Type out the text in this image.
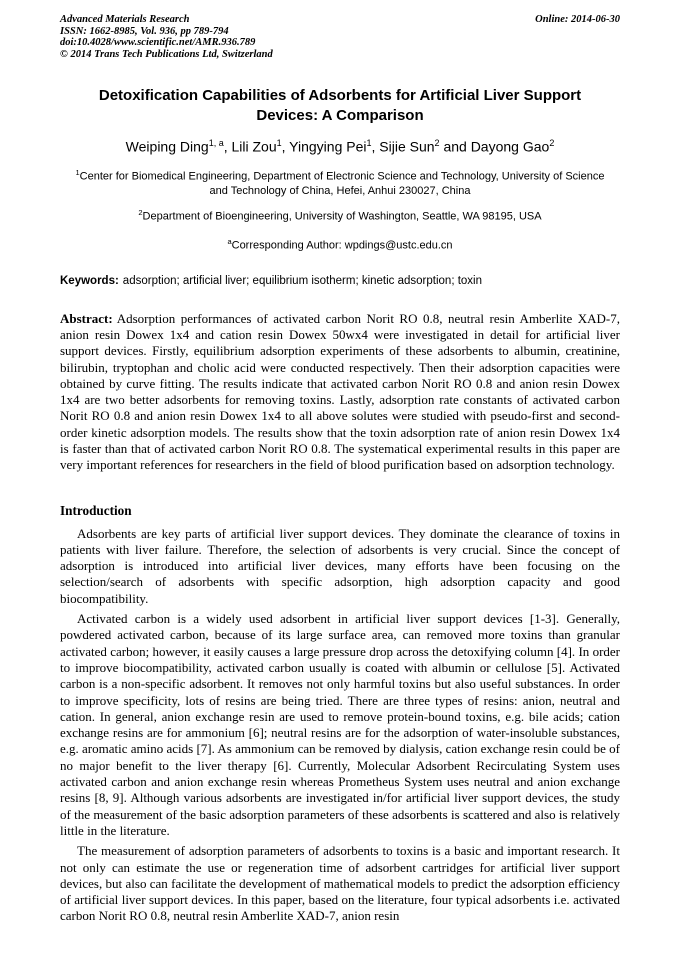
Advanced Materials Research	Online: 2014-06-30
ISSN: 1662-8985, Vol. 936, pp 789-794
doi:10.4028/www.scientific.net/AMR.936.789
© 2014 Trans Tech Publications Ltd, Switzerland
Detoxification Capabilities of Adsorbents for Artificial Liver Support
Devices: A Comparison
Weiping Ding$^{1, a}$, Lili Zou$^1$, Yingying Pei$^1$, Sijie Sun$^2$ and Dayong Gao$^2$
$^1$Center for Biomedical Engineering, Department of Electronic Science and Technology, University of Science and Technology of China, Hefei, Anhui 230027, China
$^2$Department of Bioengineering, University of Washington, Seattle, WA 98195, USA
$^a$Corresponding Author: wpdings@ustc.edu.cn
Keywords: adsorption; artificial liver; equilibrium isotherm; kinetic adsorption; toxin
Abstract: Adsorption performances of activated carbon Norit RO 0.8, neutral resin Amberlite XAD-7, anion resin Dowex 1x4 and cation resin Dowex 50wx4 were investigated in detail for artificial liver support devices. Firstly, equilibrium adsorption experiments of these adsorbents to albumin, creatinine, bilirubin, tryptophan and cholic acid were conducted respectively. Then their adsorption capacities were obtained by curve fitting. The results indicate that activated carbon Norit RO 0.8 and anion resin Dowex 1x4 are two better adsorbents for removing toxins. Lastly, adsorption rate constants of activated carbon Norit RO 0.8 and anion resin Dowex 1x4 to all above solutes were studied with pseudo-first and second-order kinetic adsorption models. The results show that the toxin adsorption rate of anion resin Dowex 1x4 is faster than that of activated carbon Norit RO 0.8. The systematical experimental results in this paper are very important references for researchers in the field of blood purification based on adsorption technology.
Introduction
Adsorbents are key parts of artificial liver support devices. They dominate the clearance of toxins in patients with liver failure. Therefore, the selection of adsorbents is very crucial. Since the concept of adsorption is introduced into artificial liver devices, many efforts have been focusing on the selection/search of adsorbents with specific adsorption, high adsorption capacity and good biocompatibility.
Activated carbon is a widely used adsorbent in artificial liver support devices [1-3]. Generally, powdered activated carbon, because of its large surface area, can removed more toxins than granular activated carbon; however, it easily causes a large pressure drop across the detoxifying column [4]. In order to improve biocompatibility, activated carbon usually is coated with albumin or cellulose [5]. Activated carbon is a non-specific adsorbent. It removes not only harmful toxins but also useful substances. In order to improve specificity, lots of resins are being tried. There are three types of resins: anion, neutral and cation. In general, anion exchange resin are used to remove protein-bound toxins, e.g. bile acids; cation exchange resins are for ammonium [6]; neutral resins are for the adsorption of water-insoluble substances, e.g. aromatic amino acids [7]. As ammonium can be removed by dialysis, cation exchange resin could be of no major benefit to the liver therapy [6]. Currently, Molecular Adsorbent Recirculating System uses activated carbon and anion exchange resin whereas Prometheus System uses neutral and anion exchange resins [8, 9]. Although various adsorbents are investigated in/for artificial liver support devices, the study of the measurement of the basic adsorption parameters of these adsorbents is scattered and also is relatively little in the literature.
The measurement of adsorption parameters of adsorbents to toxins is a basic and important research. It not only can estimate the use or regeneration time of adsorbent cartridges for artificial liver support devices, but also can facilitate the development of mathematical models to predict the adsorption efficiency of artificial liver support devices. In this paper, based on the literature, four typical adsorbents i.e. activated carbon Norit RO 0.8, neutral resin Amberlite XAD-7, anion resin
